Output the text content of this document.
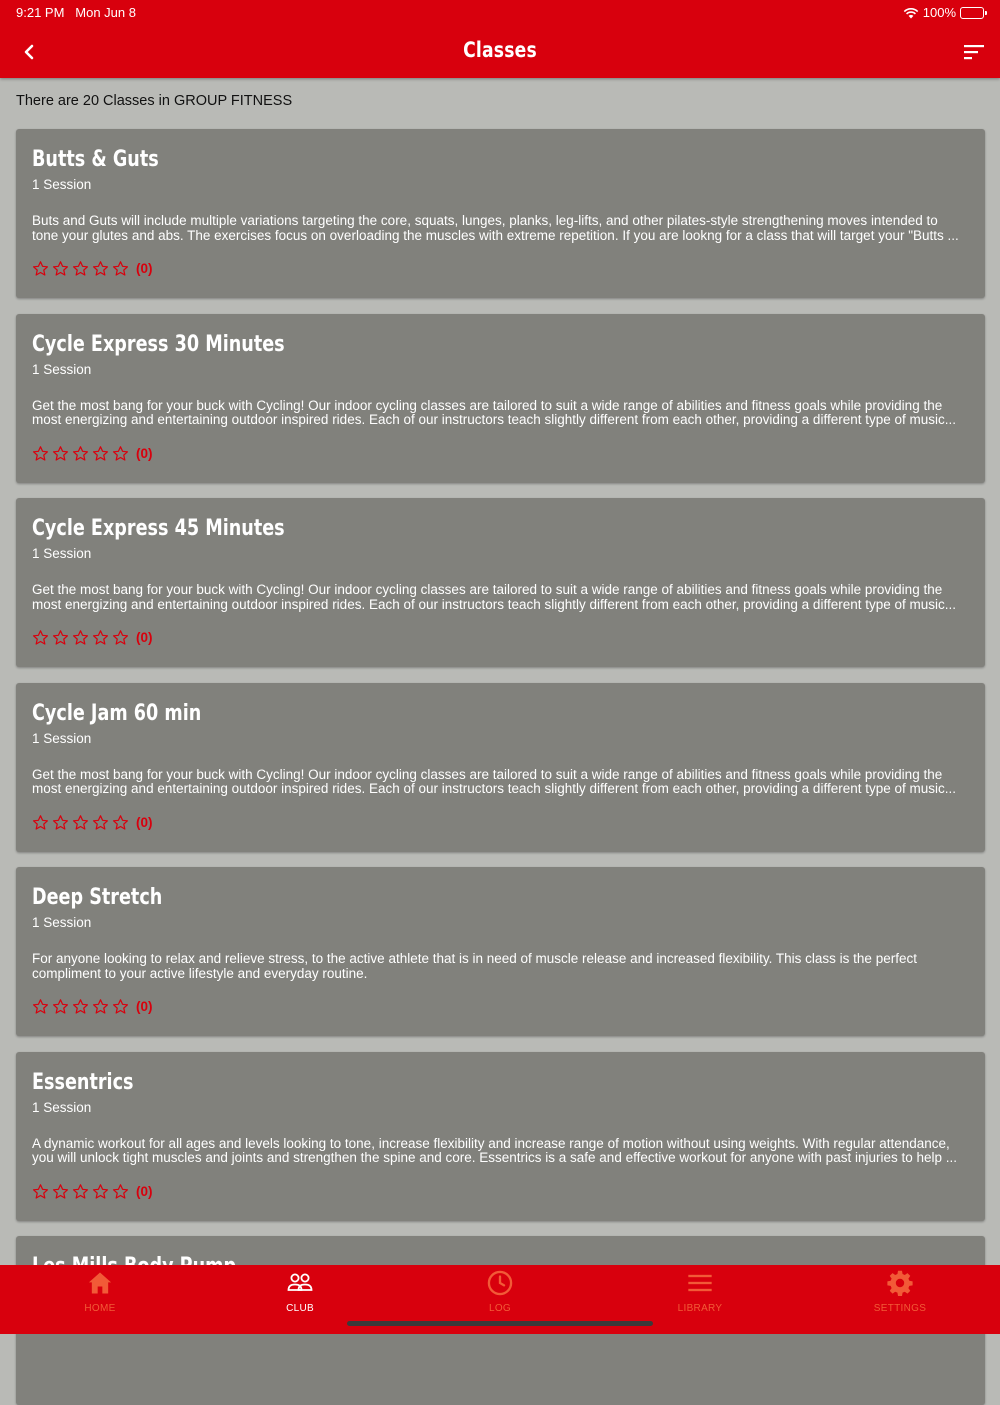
9:21 PM Mon Jun 8	100%
Classes
There are 20 Classes in GROUP FITNESS
Butts & Guts
1 Session
Buts and Guts will include multiple variations targeting the core, squats, lunges, planks, leg-lifts, and other pilates-style strengthening moves intended to tone your glutes and abs. The exercises focus on overloading the muscles with extreme repetition. If you are lookng for a class that will target your "Butts ...
(0)
Cycle Express 30 Minutes
1 Session
Get the most bang for your buck with Cycling! Our indoor cycling classes are tailored to suit a wide range of abilities and fitness goals while providing the most energizing and entertaining outdoor inspired rides. Each of our instructors teach slightly different from each other, providing a different type of music...
(0)
Cycle Express 45 Minutes
1 Session
Get the most bang for your buck with Cycling! Our indoor cycling classes are tailored to suit a wide range of abilities and fitness goals while providing the most energizing and entertaining outdoor inspired rides. Each of our instructors teach slightly different from each other, providing a different type of music...
(0)
Cycle Jam 60 min
1 Session
Get the most bang for your buck with Cycling! Our indoor cycling classes are tailored to suit a wide range of abilities and fitness goals while providing the most energizing and entertaining outdoor inspired rides. Each of our instructors teach slightly different from each other, providing a different type of music...
(0)
Deep Stretch
1 Session
For anyone looking to relax and relieve stress, to the active athlete that is in need of muscle release and increased flexibility. This class is the perfect compliment to your active lifestyle and everyday routine.
(0)
Essentrics
1 Session
A dynamic workout for all ages and levels looking to tone, increase flexibility and increase range of motion without using weights. With regular attendance, you will unlock tight muscles and joints and strengthen the spine and core. Essentrics is a safe and effective workout for anyone with past injuries to help ...
(0)
HOME	CLUB	LOG	LIBRARY	SETTINGS
